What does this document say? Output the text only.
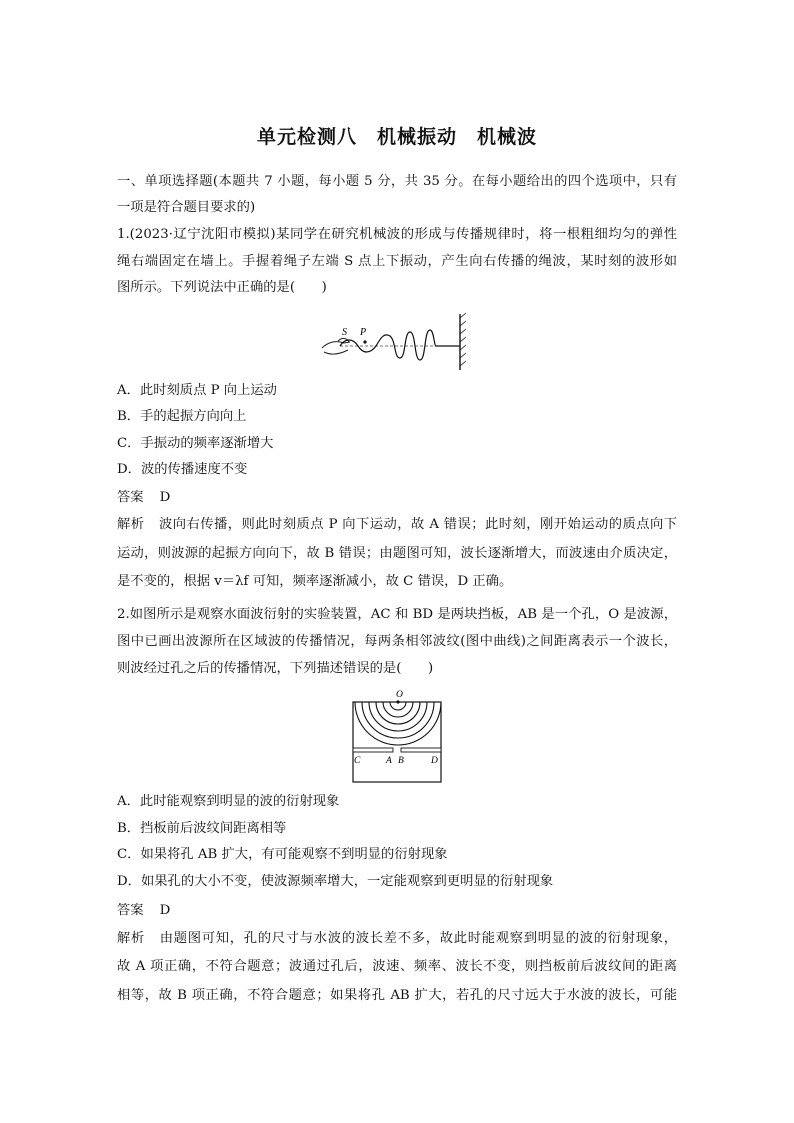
单元检测八　机械振动　机械波
一、单项选择题(本题共 7 小题，每小题 5 分，共 35 分。在每小题给出的四个选项中，只有
一项是符合题目要求的)
1.(2023·辽宁沈阳市模拟)某同学在研究机械波的形成与传播规律时，将一根粗细均匀的弹性
绳右端固定在墙上。手握着绳子左端 S 点上下振动，产生向右传播的绳波，某时刻的波形如
图所示。下列说法中正确的是(　　)
S P
A．此时刻质点 P 向上运动
B．手的起振方向向上
C．手振动的频率逐渐增大
D．波的传播速度不变
答案 D
解析 波向右传播，则此时刻质点 P 向下运动，故 A 错误；此时刻，刚开始运动的质点向下
运动，则波源的起振方向向下，故 B 错误；由题图可知，波长逐渐增大，而波速由介质决定，
是不变的，根据 v＝λf 可知，频率逐渐减小，故 C 错误，D 正确。
2.如图所示是观察水面波衍射的实验装置，AC 和 BD 是两块挡板，AB 是一个孔，O 是波源，
图中已画出波源所在区域波的传播情况，每两条相邻波纹(图中曲线)之间距离表示一个波长，
则波经过孔之后的传播情况，下列描述错误的是(　　)
O
C	A B	D
A．此时能观察到明显的波的衍射现象
B．挡板前后波纹间距离相等
C．如果将孔 AB 扩大，有可能观察不到明显的衍射现象
D．如果孔的大小不变，使波源频率增大，一定能观察到更明显的衍射现象
答案 D
解析 由题图可知，孔的尺寸与水波的波长差不多，故此时能观察到明显的波的衍射现象，
故 A 项正确，不符合题意；波通过孔后，波速、频率、波长不变，则挡板前后波纹间的距离
相等，故 B 项正确，不符合题意；如果将孔 AB 扩大，若孔的尺寸远大于水波的波长，可能
